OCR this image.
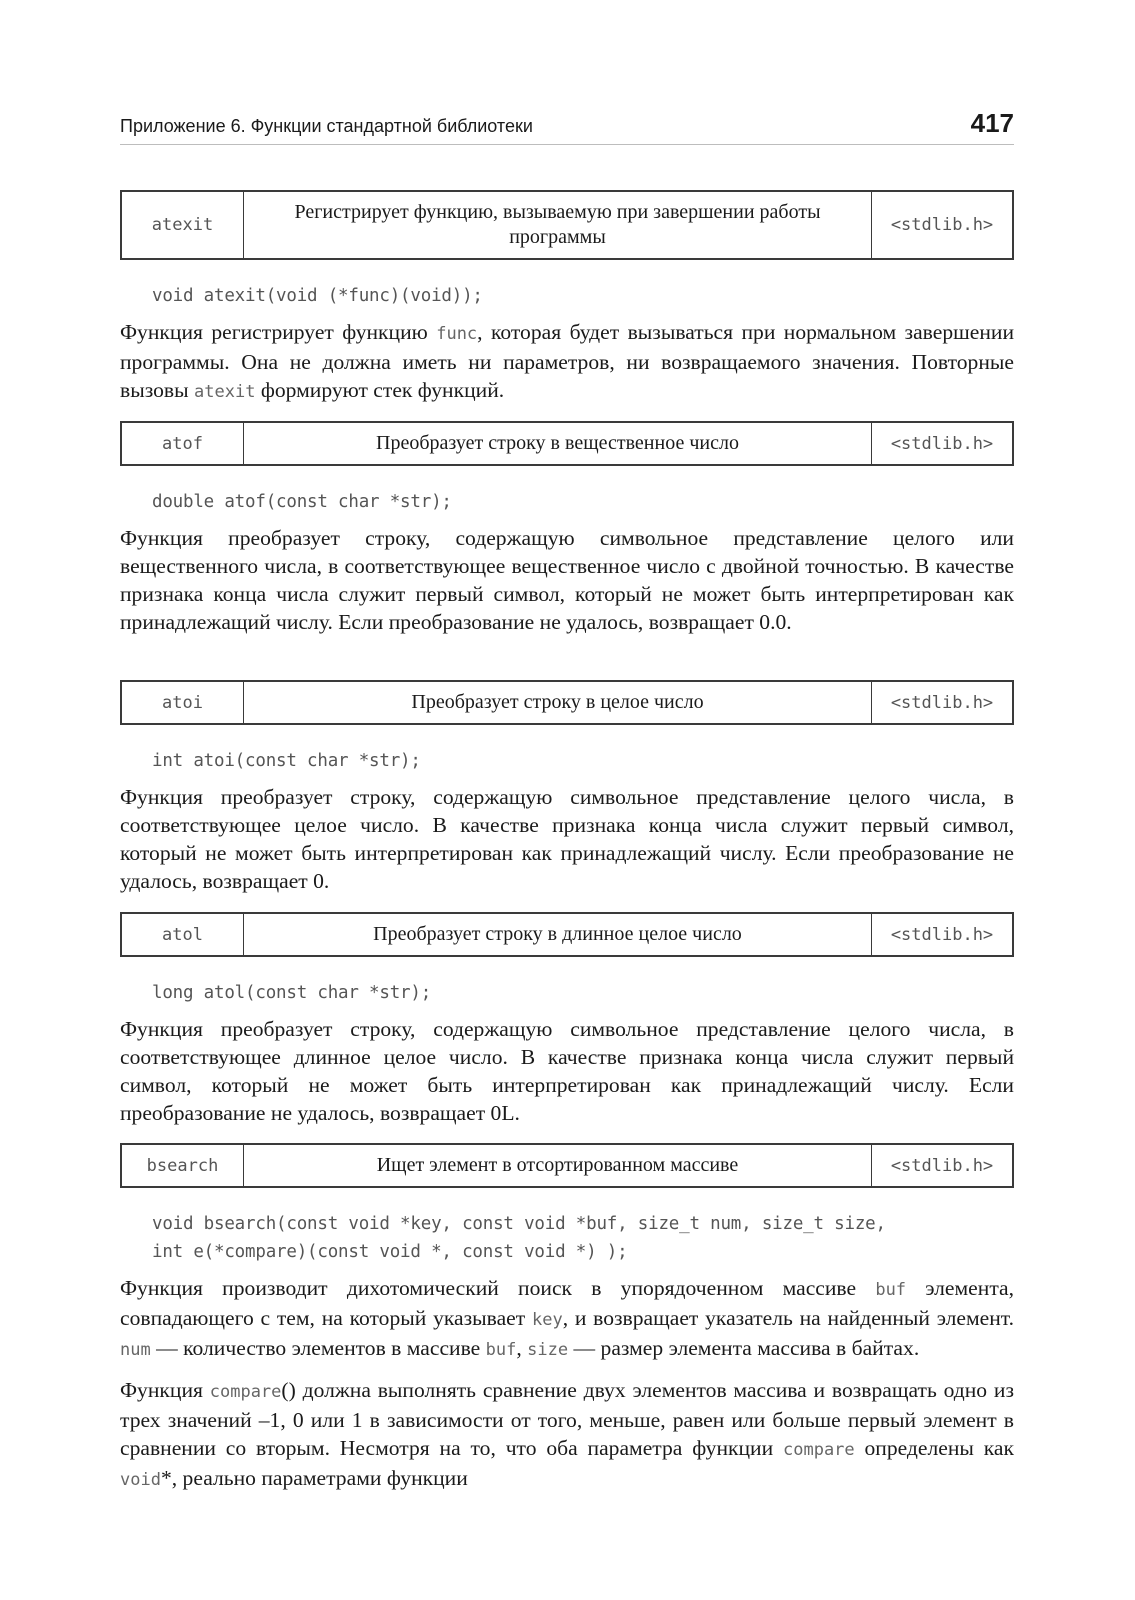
Приложение 6. Функции стандартной библиотеки	417
atexit	Регистрирует функцию, вызываемую при завершении работы программы	<stdlib.h>
void atexit(void (*func)(void));

Функция регистрирует функцию func, которая будет вызываться при нормальном завершении программы. Она не должна иметь ни параметров, ни возвращаемого значения. Повторные вызовы atexit формируют стек функций.

atof	Преобразует строку в вещественное число	<stdlib.h>
double atof(const char *str);

Функция преобразует строку, содержащую символьное представление целого или вещественного числа, в соответствующее вещественное число с двойной точностью. В качестве признака конца числа служит первый символ, который не может быть интерпретирован как принадлежащий числу. Если преобразование не удалось, возвращает 0.0.

atoi	Преобразует строку в целое число	<stdlib.h>
int atoi(const char *str);

Функция преобразует строку, содержащую символьное представление целого числа, в соответствующее целое число. В качестве признака конца числа служит первый символ, который не может быть интерпретирован как принадлежащий числу. Если преобразование не удалось, возвращает 0.

atol	Преобразует строку в длинное целое число	<stdlib.h>
long atol(const char *str);

Функция преобразует строку, содержащую символьное представление целого числа, в соответствующее длинное целое число. В качестве признака конца числа служит первый символ, который не может быть интерпретирован как принадлежащий числу. Если преобразование не удалось, возвращает 0L.

bsearch	Ищет элемент в отсортированном массиве	<stdlib.h>
void bsearch(const void *key, const void *buf, size_t num, size_t size,
int e(*compare)(const void *, const void *) );

Функция производит дихотомический поиск в упорядоченном массиве buf элемента, совпадающего с тем, на который указывает key, и возвращает указатель на найденный элемент. num — количество элементов в массиве buf, size — размер элемента массива в байтах.

Функция compare() должна выполнять сравнение двух элементов массива и возвращать одно из трех значений –1, 0 или 1 в зависимости от того, меньше, равен или больше первый элемент в сравнении со вторым. Несмотря на то, что оба параметра функции compare определены как void*, реально параметрами функции
